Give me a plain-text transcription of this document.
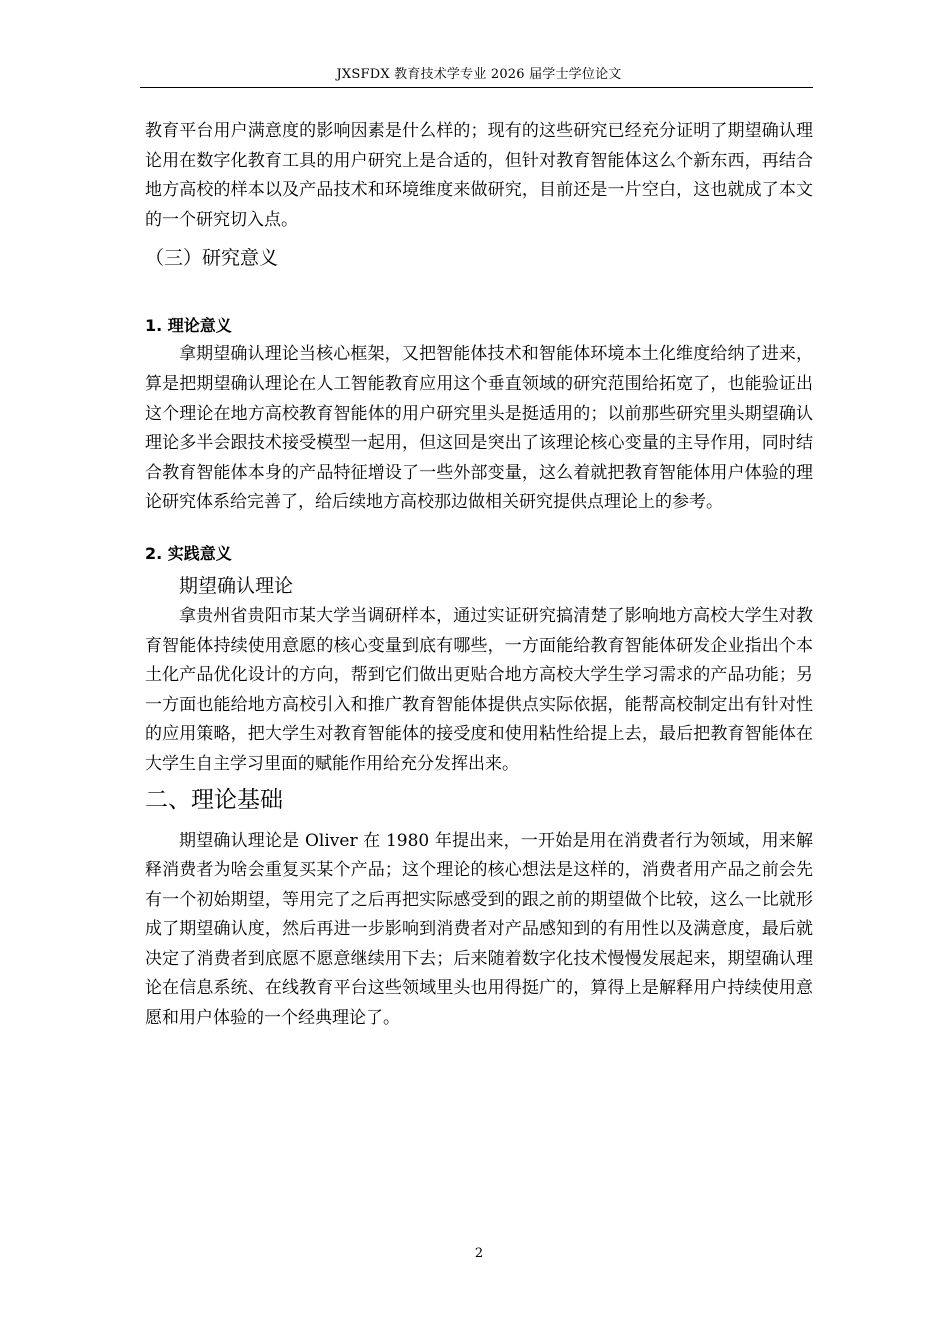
JXSFDX 教育技术学专业 2026 届学士学位论文

教育平台用户满意度的影响因素是什么样的；现有的这些研究已经充分证明了期望确认理论用在数字化教育工具的用户研究上是合适的，但针对教育智能体这么个新东西，再结合地方高校的样本以及产品技术和环境维度来做研究，目前还是一片空白，这也就成了本文的一个研究切入点。

（三）研究意义
1. 理论意义

拿期望确认理论当核心框架，又把智能体技术和智能体环境本土化维度给纳了进来，算是把期望确认理论在人工智能教育应用这个垂直领域的研究范围给拓宽了，也能验证出这个理论在地方高校教育智能体的用户研究里头是挺适用的；以前那些研究里头期望确认理论多半会跟技术接受模型一起用，但这回是突出了该理论核心变量的主导作用，同时结合教育智能体本身的产品特征增设了一些外部变量，这么着就把教育智能体用户体验的理论研究体系给完善了，给后续地方高校那边做相关研究提供点理论上的参考。

2. 实践意义
期望确认理论

拿贵州省贵阳市某大学当调研样本，通过实证研究搞清楚了影响地方高校大学生对教育智能体持续使用意愿的核心变量到底有哪些，一方面能给教育智能体研发企业指出个本土化产品优化设计的方向，帮到它们做出更贴合地方高校大学生学习需求的产品功能；另一方面也能给地方高校引入和推广教育智能体提供点实际依据，能帮高校制定出有针对性的应用策略，把大学生对教育智能体的接受度和使用粘性给提上去，最后把教育智能体在大学生自主学习里面的赋能作用给充分发挥出来。

二、理论基础

期望确认理论是 Oliver 在 1980 年提出来，一开始是用在消费者行为领域，用来解释消费者为啥会重复买某个产品；这个理论的核心想法是这样的，消费者用产品之前会先有一个初始期望，等用完了之后再把实际感受到的跟之前的期望做个比较，这么一比就形成了期望确认度，然后再进一步影响到消费者对产品感知到的有用性以及满意度，最后就决定了消费者到底愿不愿意继续用下去；后来随着数字化技术慢慢发展起来，期望确认理论在信息系统、在线教育平台这些领域里头也用得挺广的，算得上是解释用户持续使用意愿和用户体验的一个经典理论了。

2
